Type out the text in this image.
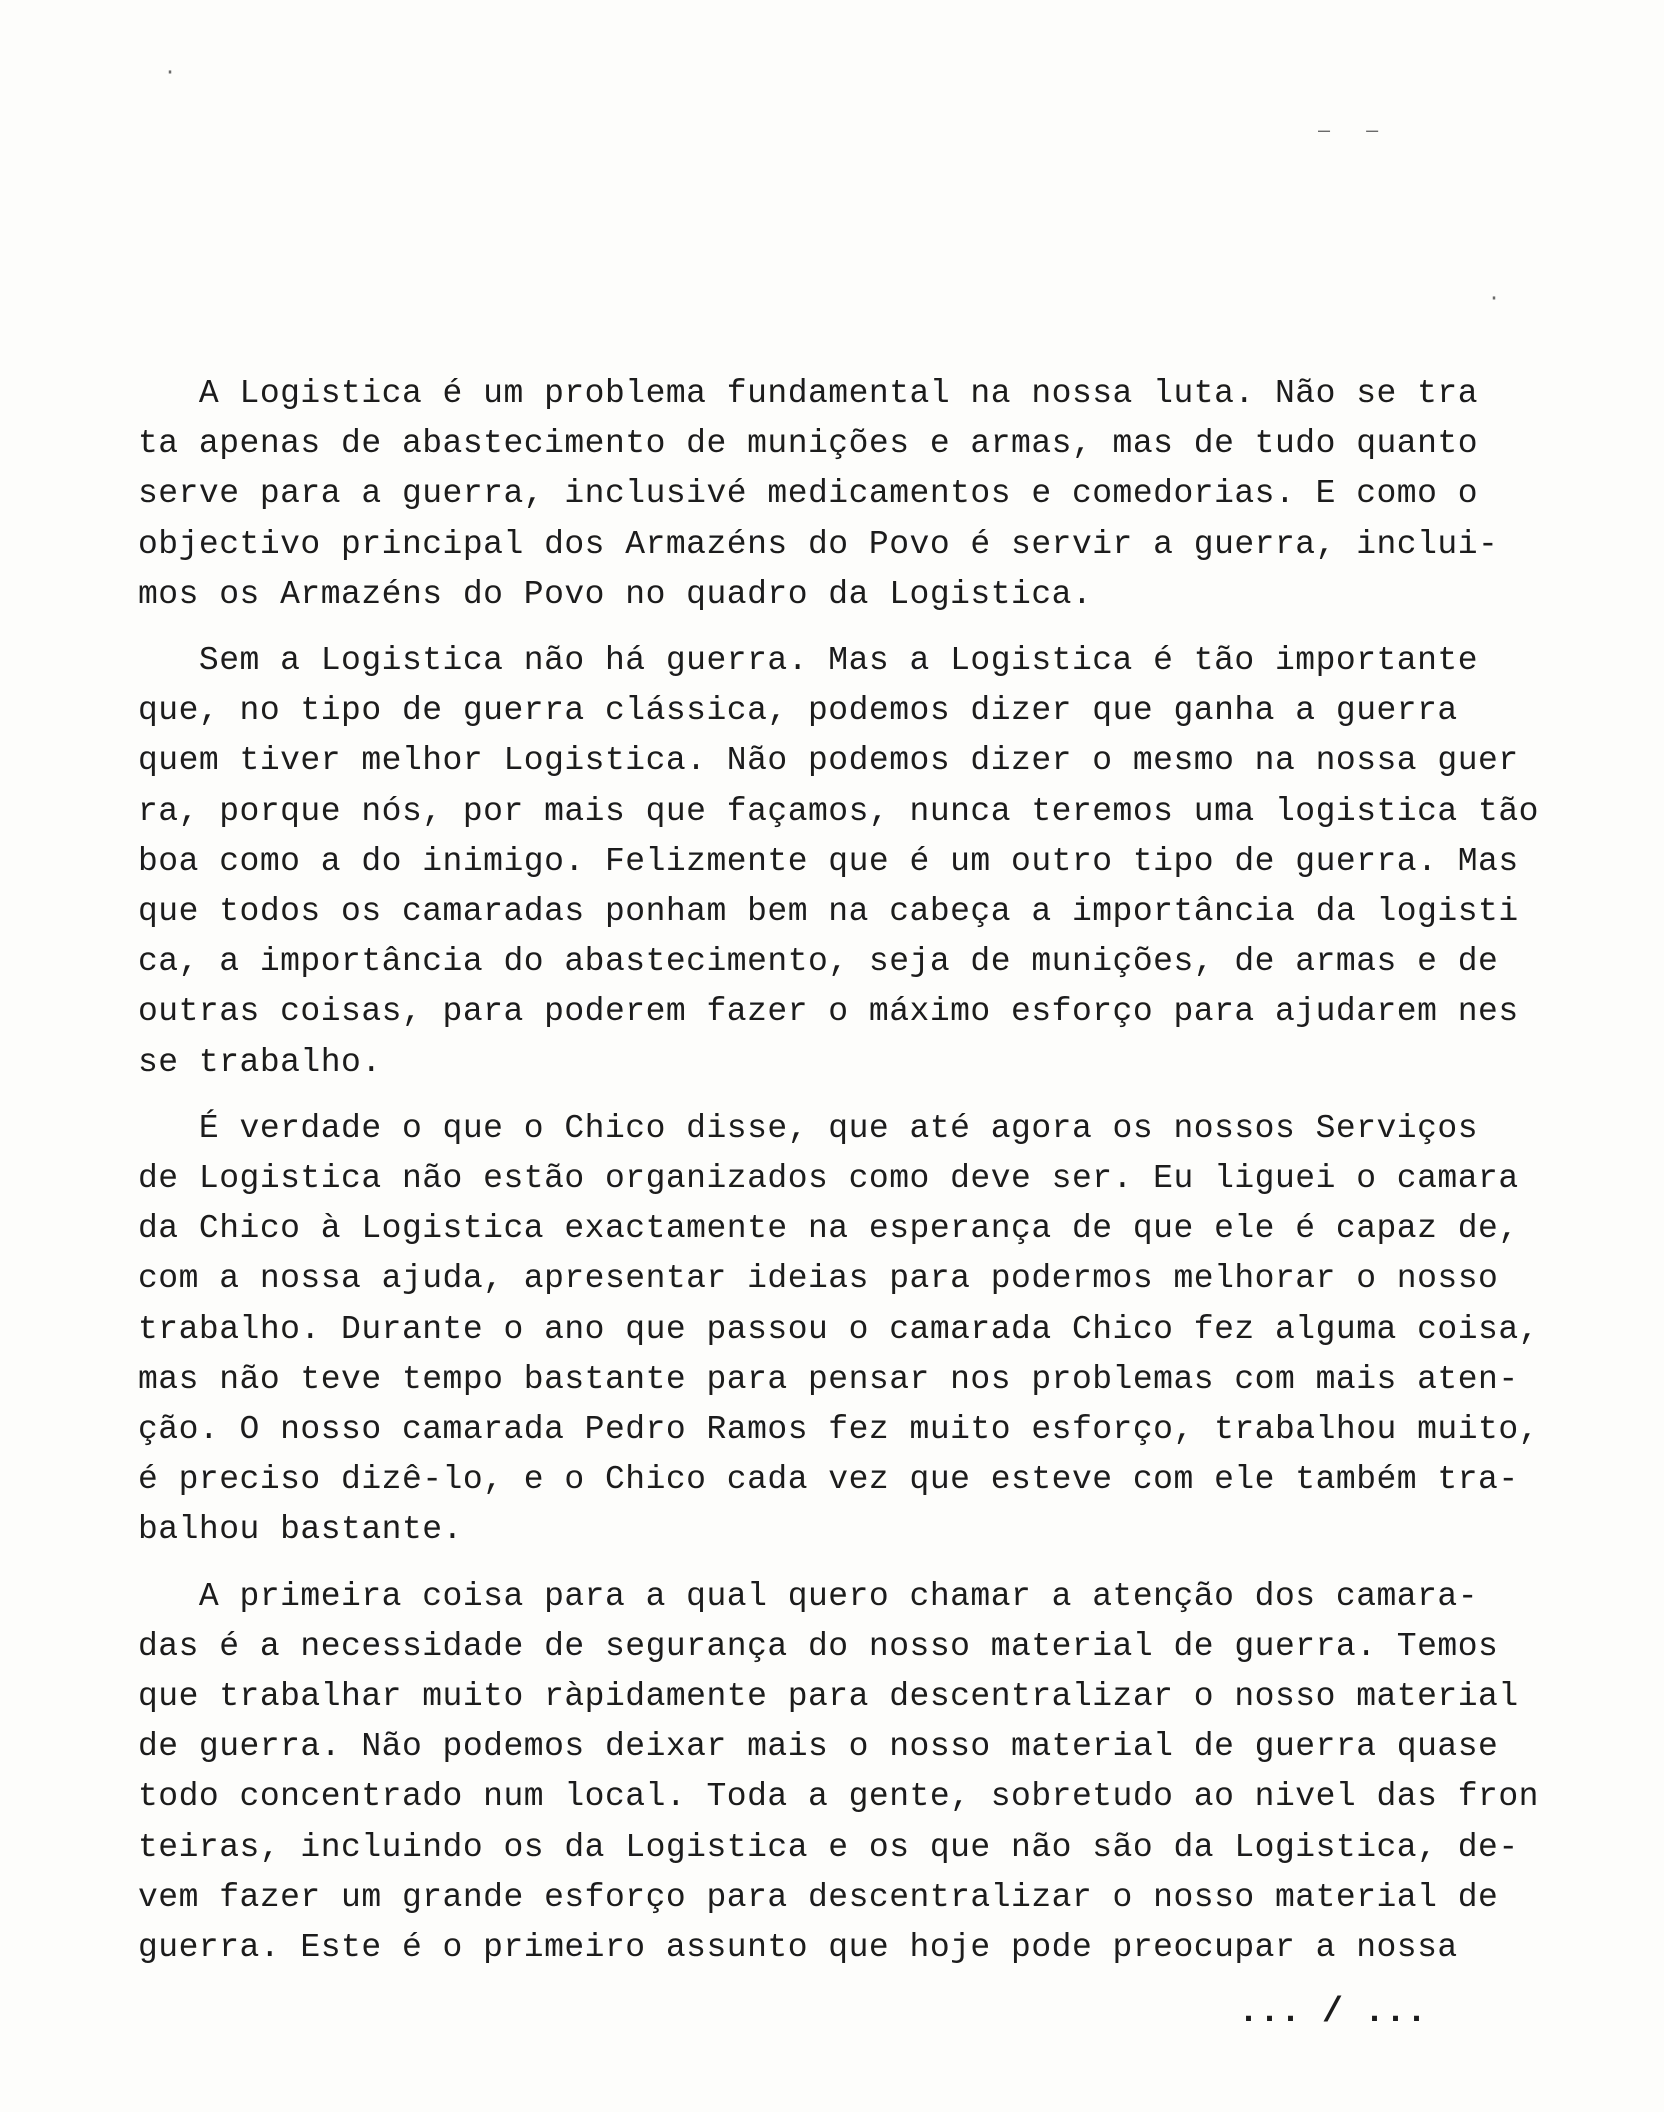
–   –
·
·
A Logistica é um problema fundamental na nossa luta. Não se tra
ta apenas de abastecimento de munições e armas, mas de tudo quanto
serve para a guerra, inclusivé medicamentos e comedorias. E como o
objectivo principal dos Armazéns do Povo é servir a guerra, inclui-
mos os Armazéns do Povo no quadro da Logistica.
Sem a Logistica não há guerra. Mas a Logistica é tão importante
que, no tipo de guerra clássica, podemos dizer que ganha a guerra
quem tiver melhor Logistica. Não podemos dizer o mesmo na nossa guer
ra, porque nós, por mais que façamos, nunca teremos uma logistica tão
boa como a do inimigo. Felizmente que é um outro tipo de guerra. Mas
que todos os camaradas ponham bem na cabeça a importância da logisti
ca, a importância do abastecimento, seja de munições, de armas e de
outras coisas, para poderem fazer o máximo esforço para ajudarem nes
se trabalho.
É verdade o que o Chico disse, que até agora os nossos Serviços
de Logistica não estão organizados como deve ser. Eu liguei o camara
da Chico à Logistica exactamente na esperança de que ele é capaz de,
com a nossa ajuda, apresentar ideias para podermos melhorar o nosso
trabalho. Durante o ano que passou o camarada Chico fez alguma coisa,
mas não teve tempo bastante para pensar nos problemas com mais aten-
ção. O nosso camarada Pedro Ramos fez muito esforço, trabalhou muito,
é preciso dizê-lo, e o Chico cada vez que esteve com ele também tra-
balhou bastante.
A primeira coisa para a qual quero chamar a atenção dos camara-
das é a necessidade de segurança do nosso material de guerra. Temos
que trabalhar muito ràpidamente para descentralizar o nosso material
de guerra. Não podemos deixar mais o nosso material de guerra quase
todo concentrado num local. Toda a gente, sobretudo ao nivel das fron
teiras, incluindo os da Logistica e os que não são da Logistica, de-
vem fazer um grande esforço para descentralizar o nosso material de
guerra. Este é o primeiro assunto que hoje pode preocupar a nossa
... / ...
